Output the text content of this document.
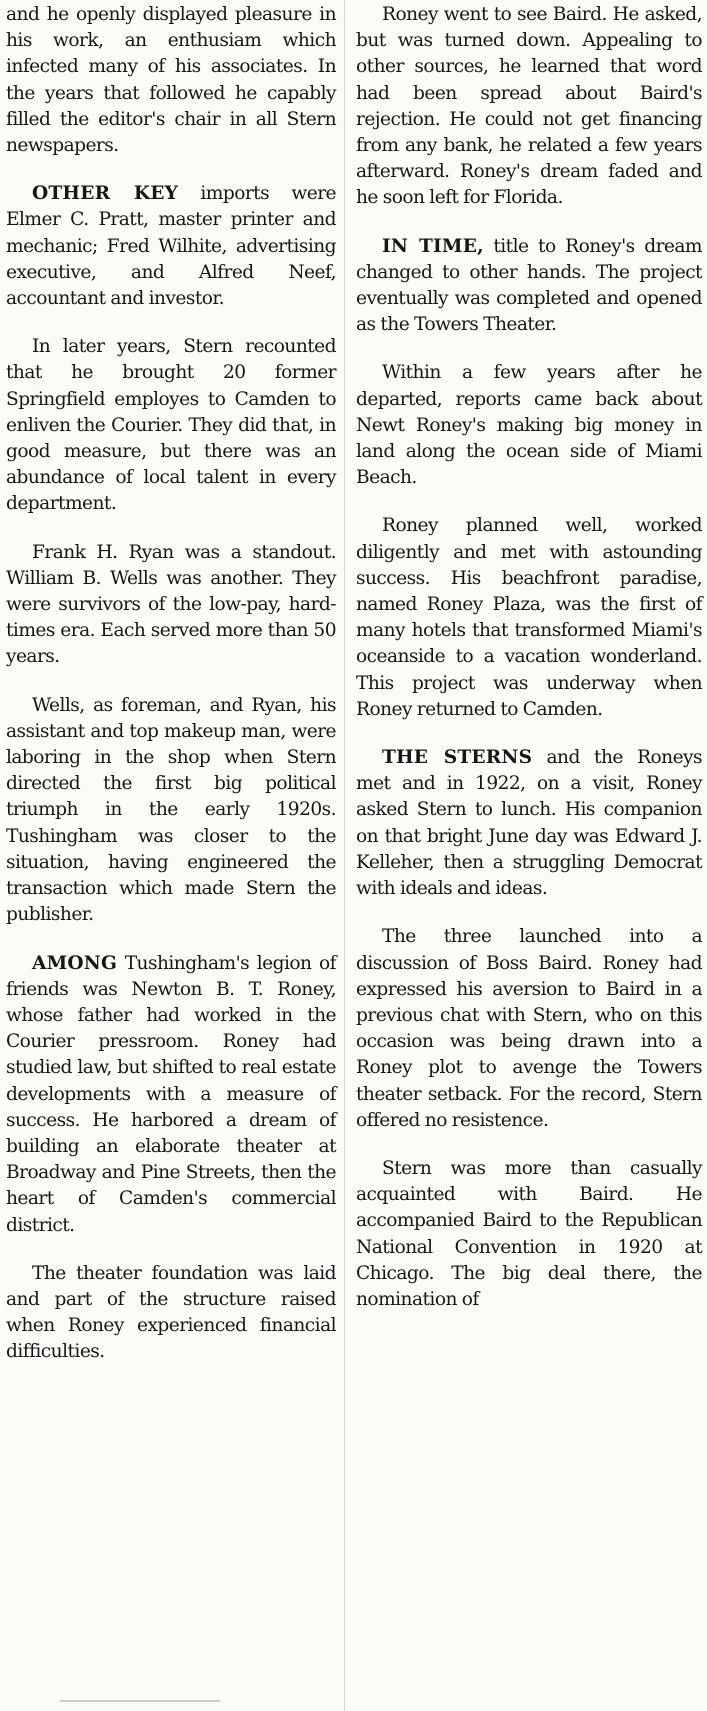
and he openly displayed pleasure in his work, an enthusiam which infected many of his associates. In the years that followed he capably filled the editor's chair in all Stern newspapers.

OTHER KEY imports were Elmer C. Pratt, master printer and mechanic; Fred Wilhite, advertising executive, and Alfred Neef, accountant and investor.

In later years, Stern recounted that he brought 20 former Springfield employes to Camden to enliven the Courier. They did that, in good measure, but there was an abundance of local talent in every department.

Frank H. Ryan was a standout. William B. Wells was another. They were survivors of the low-pay, hard-times era. Each served more than 50 years.

Wells, as foreman, and Ryan, his assistant and top makeup man, were laboring in the shop when Stern directed the first big political triumph in the early 1920s. Tushingham was closer to the situation, having engineered the transaction which made Stern the publisher.

AMONG Tushingham's legion of friends was Newton B. T. Roney, whose father had worked in the Courier pressroom. Roney had studied law, but shifted to real estate developments with a measure of success. He harbored a dream of building an elaborate theater at Broadway and Pine Streets, then the heart of Camden's commercial district.

The theater foundation was laid and part of the structure raised when Roney experienced financial difficulties.

Roney went to see Baird. He asked, but was turned down. Appealing to other sources, he learned that word had been spread about Baird's rejection. He could not get financing from any bank, he related a few years afterward. Roney's dream faded and he soon left for Florida.

IN TIME, title to Roney's dream changed to other hands. The project eventually was completed and opened as the Towers Theater.

Within a few years after he departed, reports came back about Newt Roney's making big money in land along the ocean side of Miami Beach.

Roney planned well, worked diligently and met with astounding success. His beachfront paradise, named Roney Plaza, was the first of many hotels that transformed Miami's oceanside to a vacation wonderland. This project was underway when Roney returned to Camden.

THE STERNS and the Roneys met and in 1922, on a visit, Roney asked Stern to lunch. His companion on that bright June day was Edward J. Kelleher, then a struggling Democrat with ideals and ideas.

The three launched into a discussion of Boss Baird. Roney had expressed his aversion to Baird in a previous chat with Stern, who on this occasion was being drawn into a Roney plot to avenge the Towers theater setback. For the record, Stern offered no resistence.

Stern was more than casually acquainted with Baird. He accompanied Baird to the Republican National Convention in 1920 at Chicago. The big deal there, the nomination of
